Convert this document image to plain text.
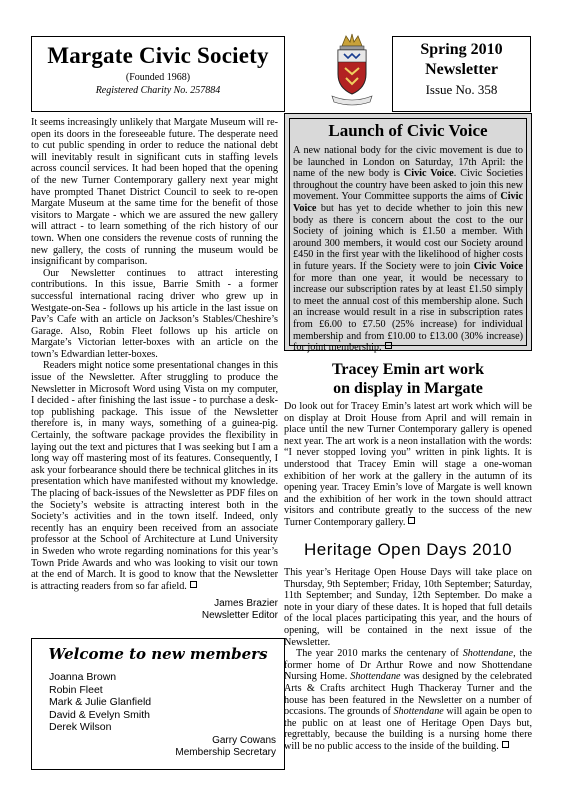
Margate Civic Society
(Founded 1968)
Registered Charity No. 257884
Spring 2010
Newsletter
Issue No. 358

It seems increasingly unlikely that Margate Museum will re-open its doors in the foreseeable future. The desperate need to cut public spending in order to reduce the national debt will inevitably result in significant cuts in staffing levels across council services. It had been hoped that the opening of the new Turner Contemporary gallery next year might have prompted Thanet District Council to seek to re-open Margate Museum at the same time for the benefit of those visitors to Margate - which we are assured the new gallery will attract - to learn something of the rich history of our town. When one considers the revenue costs of running the new gallery, the costs of running the museum would be insignificant by comparison.

Our Newsletter continues to attract interesting contributions. In this issue, Barrie Smith - a former successful international racing driver who grew up in Westgate-on-Sea - follows up his article in the last issue on Pav’s Cafe with an article on Jackson’s Stables/Cheshire’s Garage. Also, Robin Fleet follows up his article on Margate’s Victorian letter-boxes with an article on the town’s Edwardian letter-boxes.

Readers might notice some presentational changes in this issue of the Newsletter. After struggling to produce the Newsletter in Microsoft Word using Vista on my computer, I decided - after finishing the last issue - to purchase a desk-top publishing package. This issue of the Newsletter therefore is, in many ways, something of a guinea-pig. Certainly, the software package provides the flexibility in laying out the text and pictures that I was seeking but I am a long way off mastering most of its features. Consequently, I ask your forbearance should there be technical glitches in its presentation which have manifested without my knowledge. The placing of back-issues of the Newsletter as PDF files on the Society’s website is attracting interest both in the Society’s activities and in the town itself. Indeed, only recently has an enquiry been received from an associate professor at the School of Architecture at Lund University in Sweden who wrote regarding nominations for this year’s Town Pride Awards and who was looking to visit our town at the end of March. It is good to know that the Newsletter is attracting readers from so far afield.

James Brazier
Newsletter Editor
Launch of Civic Voice
A new national body for the civic movement is due to be launched in London on Saturday, 17th April: the name of the new body is Civic Voice. Civic Societies throughout the country have been asked to join this new movement. Your Committee supports the aims of Civic Voice but has yet to decide whether to join this new body as there is concern about the cost to the our Society of joining which is £1.50 a member. With around 300 members, it would cost our Society around £450 in the first year with the likelihood of higher costs in future years. If the Society were to join Civic Voice for more than one year, it would be necessary to increase our subscription rates by at least £1.50 simply to meet the annual cost of this membership alone. Such an increase would result in a rise in subscription rates from £6.00 to £7.50 (25% increase) for individual membership and from £10.00 to £13.00 (30% increase) for joint membership.
Tracey Emin art work
on display in Margate

Do look out for Tracey Emin’s latest art work which will be on display at Droit House from April and will remain in place until the new Turner Contemporary gallery is opened next year. The art work is a neon installation with the words: “I never stopped loving you” written in pink lights. It is understood that Tracey Emin will stage a one-woman exhibition of her work at the gallery in the autumn of its opening year. Tracey Emin’s love of Margate is well known and the exhibition of her work in the town should attract visitors and contribute greatly to the success of the new Turner Contemporary gallery.

Heritage Open Days 2010

This year’s Heritage Open House Days will take place on Thursday, 9th September; Friday, 10th September; Saturday, 11th September; and Sunday, 12th September. Do make a note in your diary of these dates. It is hoped that full details of the local places participating this year, and the hours of opening, will be contained in the next issue of the Newsletter.

The year 2010 marks the centenary of Shottendane, the former home of Dr Arthur Rowe and now Shottendane Nursing Home. Shottendane was designed by the celebrated Arts & Crafts architect Hugh Thackeray Turner and the house has been featured in the Newsletter on a number of occasions. The grounds of Shottendane will again be open to the public on at least one of Heritage Open Days but, regrettably, because the building is a nursing home there will be no public access to the inside of the building.

Welcome to new members
Joanna Brown
Robin Fleet
Mark & Julie Glanfield
David & Evelyn Smith
Derek Wilson
Garry Cowans
Membership Secretary
